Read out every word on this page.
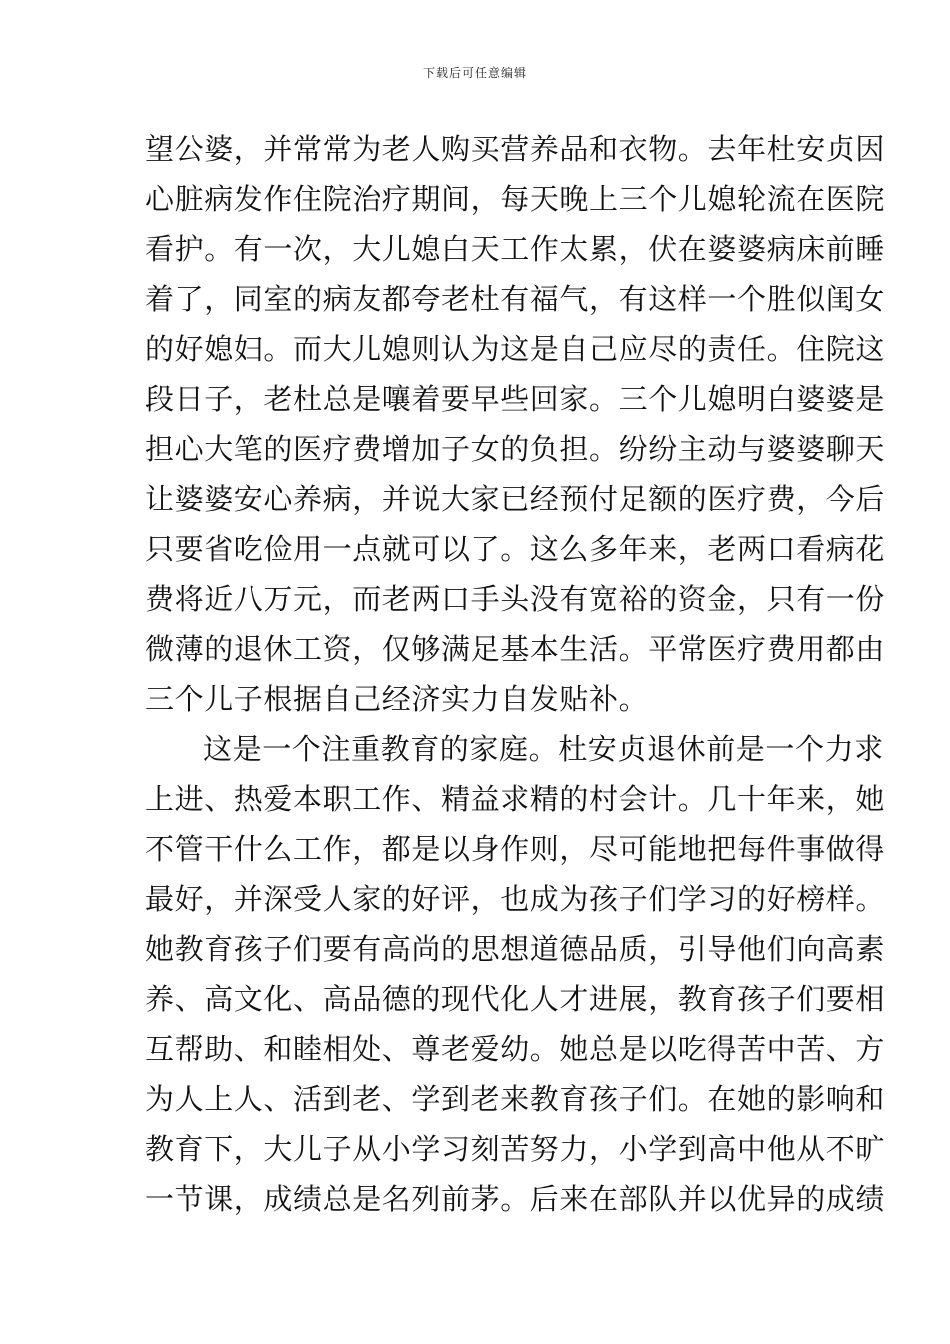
下载后可任意编辑
望公婆，并常常为老人购买营养品和衣物。去年杜安贞因
心脏病发作住院治疗期间，每天晚上三个儿媳轮流在医院
看护。有一次，大儿媳白天工作太累，伏在婆婆病床前睡
着了，同室的病友都夸老杜有福气，有这样一个胜似闺女
的好媳妇。而大儿媳则认为这是自己应尽的责任。住院这
段日子，老杜总是嚷着要早些回家。三个儿媳明白婆婆是
担心大笔的医疗费增加子女的负担。纷纷主动与婆婆聊天
让婆婆安心养病，并说大家已经预付足额的医疗费，今后
只要省吃俭用一点就可以了。这么多年来，老两口看病花
费将近八万元，而老两口手头没有宽裕的资金，只有一份
微薄的退休工资，仅够满足基本生活。平常医疗费用都由
三个儿子根据自己经济实力自发贴补。
这是一个注重教育的家庭。杜安贞退休前是一个力求
上进、热爱本职工作、精益求精的村会计。几十年来，她
不管干什么工作，都是以身作则，尽可能地把每件事做得
最好，并深受人家的好评，也成为孩子们学习的好榜样。
她教育孩子们要有高尚的思想道德品质，引导他们向高素
养、高文化、高品德的现代化人才进展，教育孩子们要相
互帮助、和睦相处、尊老爱幼。她总是以吃得苦中苦、方
为人上人、活到老、学到老来教育孩子们。在她的影响和
教育下，大儿子从小学习刻苦努力，小学到高中他从不旷
一节课，成绩总是名列前茅。后来在部队并以优异的成绩
